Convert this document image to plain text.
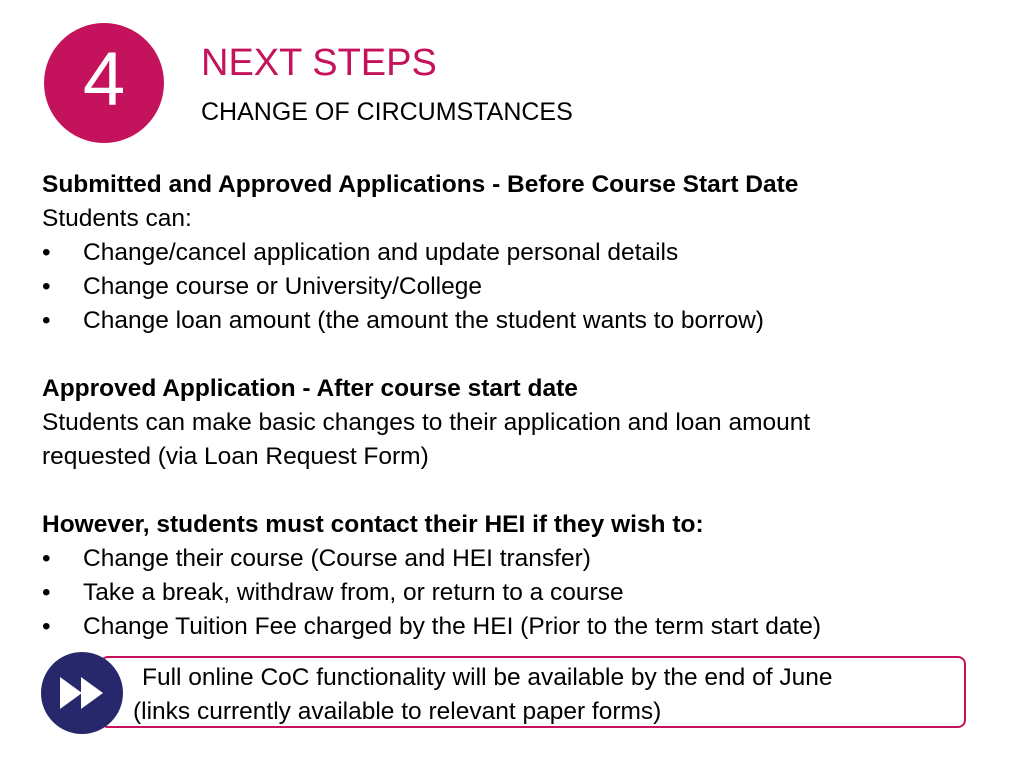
4 NEXT STEPS
CHANGE OF CIRCUMSTANCES
Submitted and Approved Applications - Before Course Start Date
Students can:
• Change/cancel application and update personal details
• Change course or University/College
• Change loan amount (the amount the student wants to borrow)
Approved Application - After course start date
Students can make basic changes to their application and loan amount
requested (via Loan Request Form)
However, students must contact their HEI if they wish to:
• Change their course (Course and HEI transfer)
• Take a break, withdraw from, or return to a course
• Change Tuition Fee charged by the HEI (Prior to the term start date)
Full online CoC functionality will be available by the end of June
(links currently available to relevant paper forms)
